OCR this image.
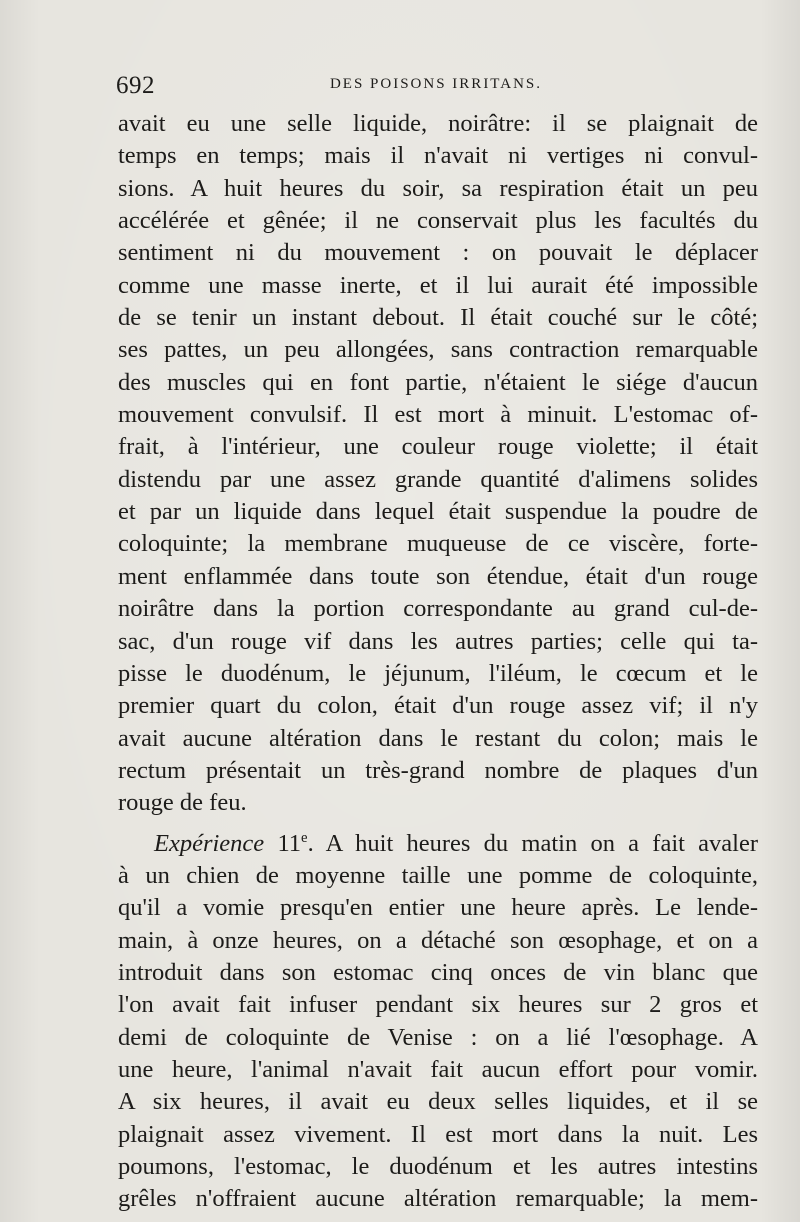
692	DES POISONS IRRITANS.
avait eu une selle liquide, noirâtre: il se plaignait de
temps en temps; mais il n'avait ni vertiges ni convul-
sions. A huit heures du soir, sa respiration était un peu
accélérée et gênée; il ne conservait plus les facultés du
sentiment ni du mouvement : on pouvait le déplacer
comme une masse inerte, et il lui aurait été impossible
de se tenir un instant debout. Il était couché sur le côté;
ses pattes, un peu allongées, sans contraction remarquable
des muscles qui en font partie, n'étaient le siége d'aucun
mouvement convulsif. Il est mort à minuit. L'estomac of-
frait, à l'intérieur, une couleur rouge violette; il était
distendu par une assez grande quantité d'alimens solides
et par un liquide dans lequel était suspendue la poudre de
coloquinte; la membrane muqueuse de ce viscère, forte-
ment enflammée dans toute son étendue, était d'un rouge
noirâtre dans la portion correspondante au grand cul-de-
sac, d'un rouge vif dans les autres parties; celle qui ta-
pisse le duodénum, le jéjunum, l'iléum, le cœcum et le
premier quart du colon, était d'un rouge assez vif; il n'y
avait aucune altération dans le restant du colon; mais le
rectum présentait un très-grand nombre de plaques d'un
rouge de feu.
Expérience 11e. A huit heures du matin on a fait avaler
à un chien de moyenne taille une pomme de coloquinte,
qu'il a vomie presqu'en entier une heure après. Le lende-
main, à onze heures, on a détaché son œsophage, et on a
introduit dans son estomac cinq onces de vin blanc que
l'on avait fait infuser pendant six heures sur 2 gros et
demi de coloquinte de Venise : on a lié l'œsophage. A
une heure, l'animal n'avait fait aucun effort pour vomir.
A six heures, il avait eu deux selles liquides, et il se
plaignait assez vivement. Il est mort dans la nuit. Les
poumons, l'estomac, le duodénum et les autres intestins
grêles n'offraient aucune altération remarquable; la mem-
